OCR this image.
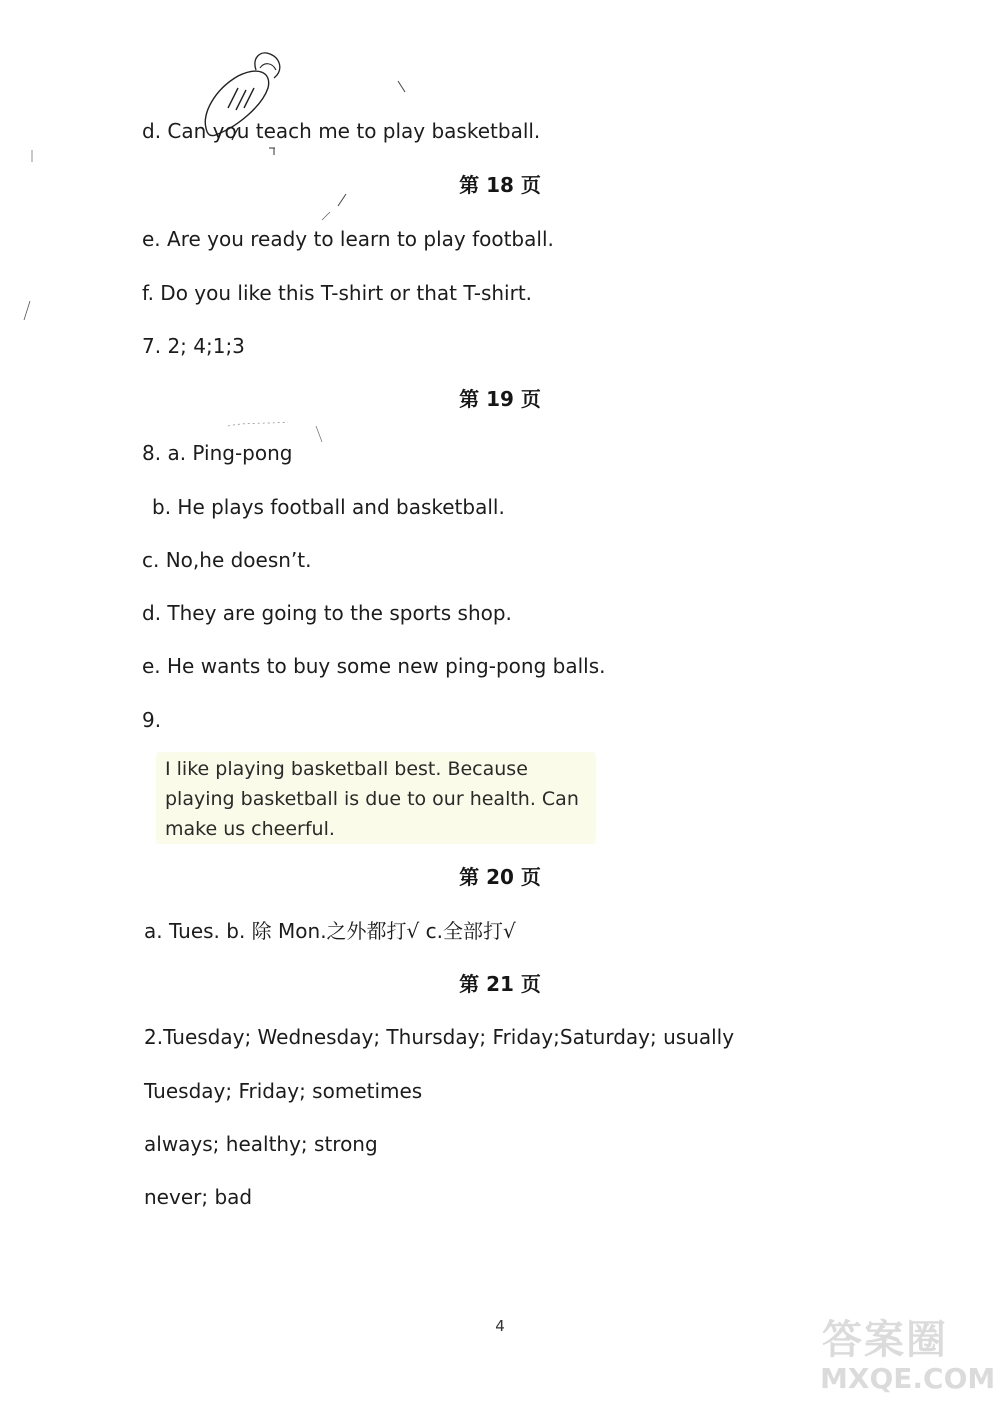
d. Can you teach me to play basketball.
第 18 页
e. Are you ready to learn to play football.
f. Do you like this T-shirt or that T-shirt.
7. 2; 4;1;3
第 19 页
8. a. Ping-pong
b. He plays football and basketball.
c. No,he doesn’t.
d. They are going to the sports shop.
e. He wants to buy some new ping-pong balls.
9.
I like playing basketball best. Because
playing basketball is due to our health. Can
make us cheerful.
第 20 页
a. Tues. b. 除 Mon.之外都打√ c.全部打√
第 21 页
2.Tuesday; Wednesday; Thursday; Friday;Saturday; usually
Tuesday; Friday; sometimes
always; healthy; strong
never; bad
4	答案圈
MXQE.COM
